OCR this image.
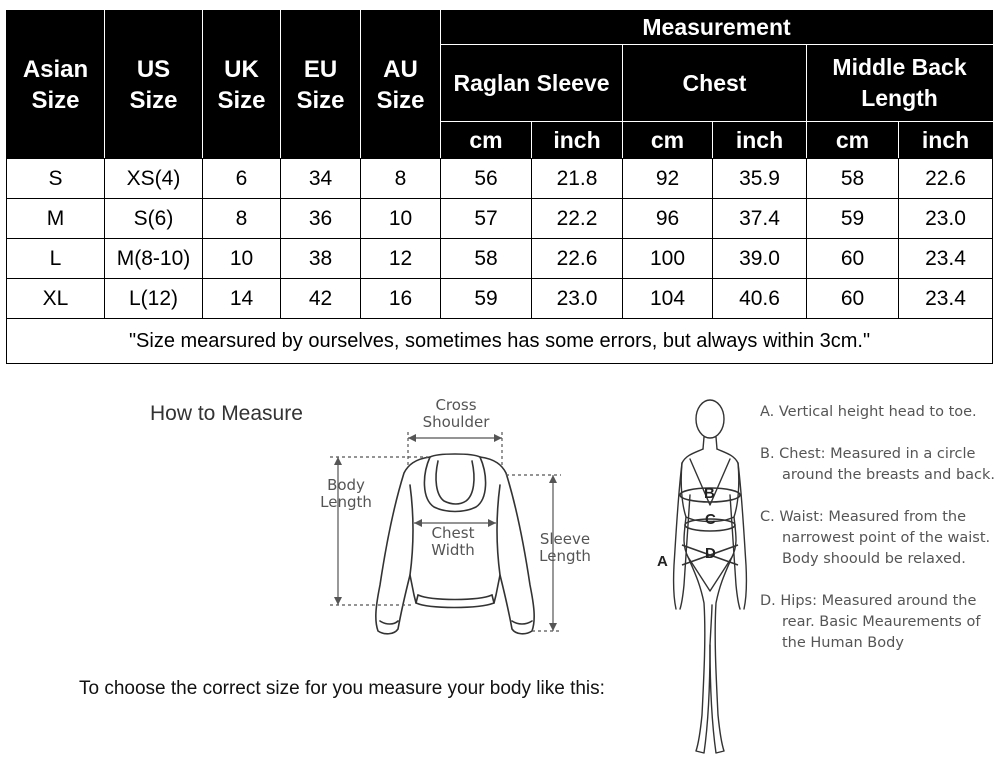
Asian Size	US Size	UK Size	EU Size	AU Size	Measurement					
					Raglan Sleeve		Chest		Middle Back Length	
					cm	inch	cm	inch	cm	inch
S	XS(4)	6	34	8	56	21.8	92	35.9	58	22.6
M	S(6)	8	36	10	57	22.2	96	37.4	59	23.0
L	M(8-10)	10	38	12	58	22.6	100	39.0	60	23.4
XL	L(12)	14	42	16	59	23.0	104	40.6	60	23.4
"Size mearsured by ourselves, sometimes has some errors, but always within 3cm."										
How to Measure	Cross Shoulder
Body Length
Chest Width
Sleeve Length
To choose the correct size for you measure your body like this:
B
C
D
A

A. Vertical height head to toe.

B. Chest: Measured in a circle around the breasts and back.

C. Waist: Measured from the narrowest point of the waist. Body shoould be relaxed.

D. Hips: Measured around the rear. Basic Meaurements of the Human Body
